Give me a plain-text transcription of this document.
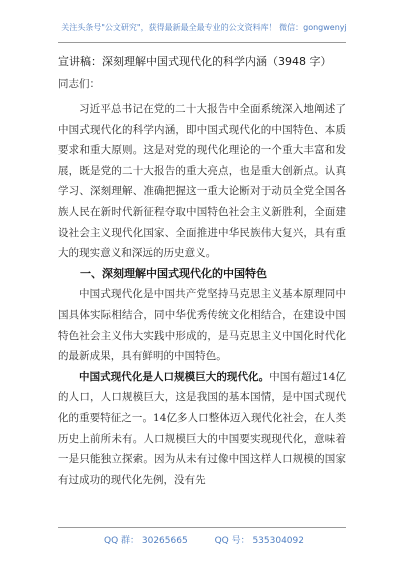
关注头条号"公文研究"，获得最新最全最专业的公文资料库！ 微信：gongwenyj
宣讲稿：深刻理解中国式现代化的科学内涵（3948 字）
同志们：

习近平总书记在党的二十大报告中全面系统深入地阐述了中国式现代化的科学内涵，即中国式现代化的中国特色、本质要求和重大原则。这是对党的现代化理论的一个重大丰富和发展，既是党的二十大报告的重大亮点，也是重大创新点。认真学习、深刻理解、准确把握这一重大论断对于动员全党全国各族人民在新时代新征程夺取中国特色社会主义新胜利，全面建设社会主义现代化国家、全面推进中华民族伟大复兴，具有重大的现实意义和深远的历史意义。

一、深刻理解中国式现代化的中国特色

中国式现代化是中国共产党坚持马克思主义基本原理同中国具体实际相结合，同中华优秀传统文化相结合，在建设中国特色社会主义伟大实践中形成的，是马克思主义中国化时代化的最新成果，具有鲜明的中国特色。

中国式现代化是人口规模巨大的现代化。中国有超过14亿的人口，人口规模巨大，这是我国的基本国情，是中国式现代化的重要特征之一。14亿多人口整体迈入现代化社会，在人类历史上前所未有。人口规模巨大的中国要实现现代化，意味着一是只能独立探索。因为从未有过像中国这样人口规模的国家有过成功的现代化先例，没有先

QQ 群： 30265665	QQ 号： 535304092
